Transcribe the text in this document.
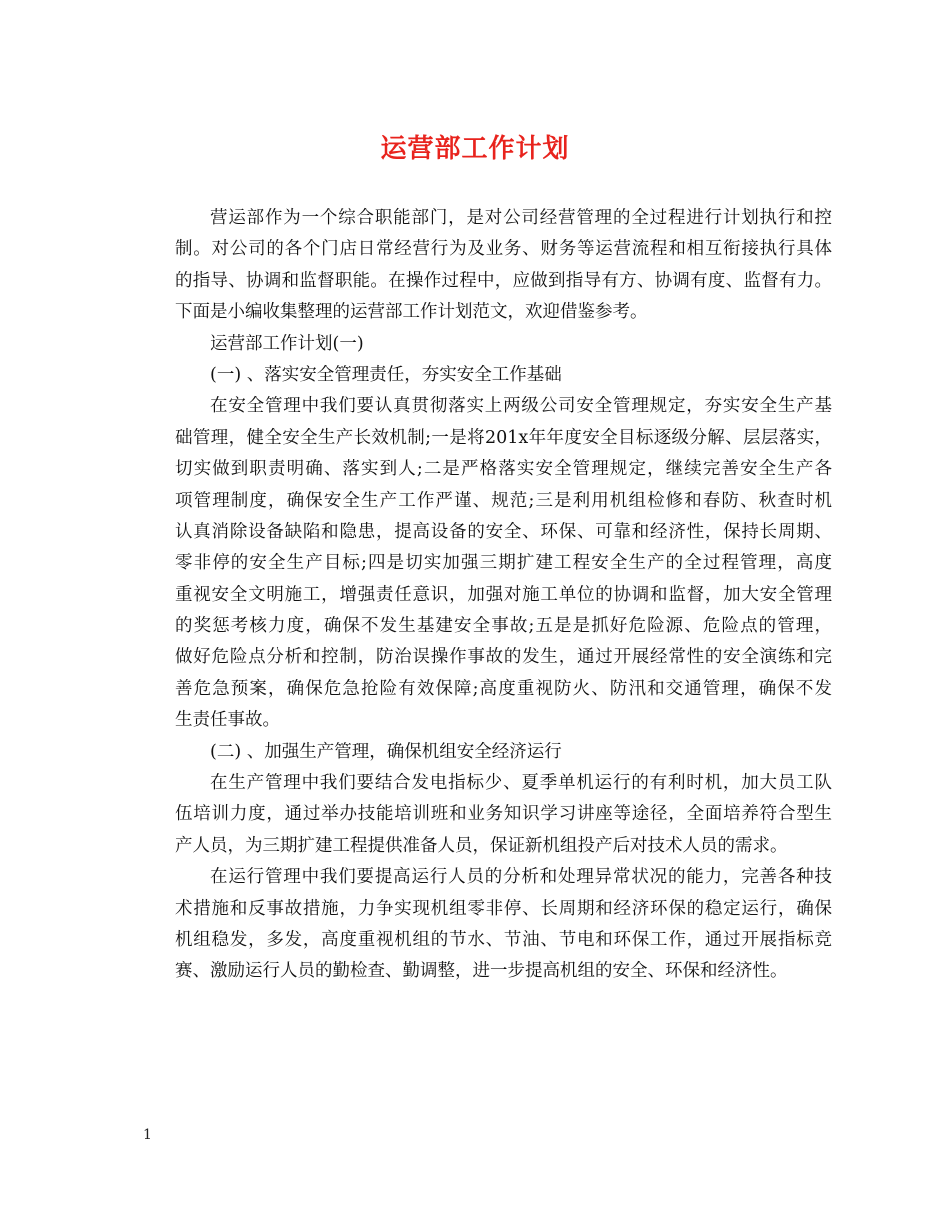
运营部工作计划

营运部作为一个综合职能部门，是对公司经营管理的全过程进行计划执行和控
制。对公司的各个门店日常经营行为及业务、财务等运营流程和相互衔接执行具体
的指导、协调和监督职能。在操作过程中，应做到指导有方、协调有度、监督有力。
下面是小编收集整理的运营部工作计划范文，欢迎借鉴参考。

运营部工作计划(一)

(一) 、落实安全管理责任，夯实安全工作基础

在安全管理中我们要认真贯彻落实上两级公司安全管理规定，夯实安全生产基
础管理，健全安全生产长效机制;一是将201x年年度安全目标逐级分解、层层落实，
切实做到职责明确、落实到人;二是严格落实安全管理规定，继续完善安全生产各
项管理制度，确保安全生产工作严谨、规范;三是利用机组检修和春防、秋查时机
认真消除设备缺陷和隐患，提高设备的安全、环保、可靠和经济性，保持长周期、
零非停的安全生产目标;四是切实加强三期扩建工程安全生产的全过程管理，高度
重视安全文明施工，增强责任意识，加强对施工单位的协调和监督，加大安全管理
的奖惩考核力度，确保不发生基建安全事故;五是是抓好危险源、危险点的管理，
做好危险点分析和控制，防治误操作事故的发生，通过开展经常性的安全演练和完
善危急预案，确保危急抢险有效保障;高度重视防火、防汛和交通管理，确保不发
生责任事故。

(二) 、加强生产管理，确保机组安全经济运行

在生产管理中我们要结合发电指标少、夏季单机运行的有利时机，加大员工队
伍培训力度，通过举办技能培训班和业务知识学习讲座等途径，全面培养符合型生
产人员，为三期扩建工程提供准备人员，保证新机组投产后对技术人员的需求。

在运行管理中我们要提高运行人员的分析和处理异常状况的能力，完善各种技
术措施和反事故措施，力争实现机组零非停、长周期和经济环保的稳定运行，确保
机组稳发，多发，高度重视机组的节水、节油、节电和环保工作，通过开展指标竞
赛、激励运行人员的勤检查、勤调整，进一步提高机组的安全、环保和经济性。

1
